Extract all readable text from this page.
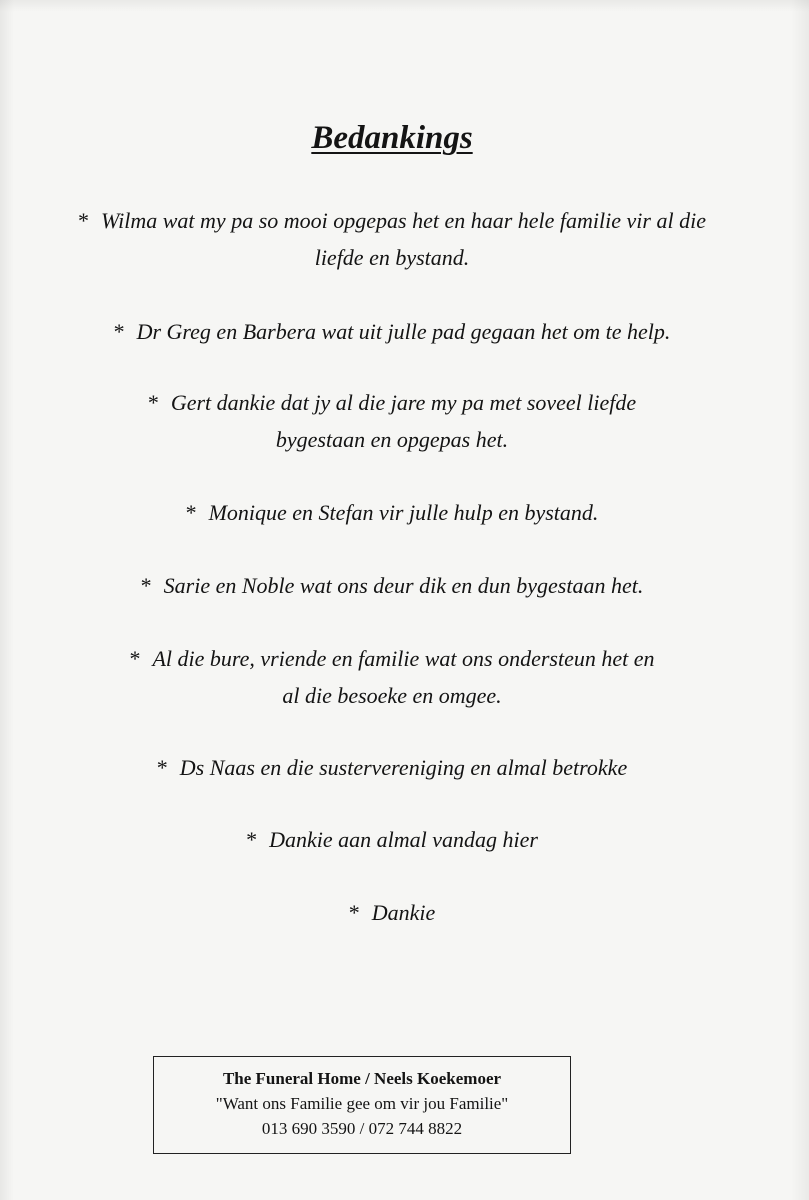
Bedankings
* Wilma wat my pa so mooi opgepas het en haar hele familie vir al die
liefde en bystand.
* Dr Greg en Barbera wat uit julle pad gegaan het om te help.
* Gert dankie dat jy al die jare my pa met soveel liefde
bygestaan en opgepas het.
* Monique en Stefan vir julle hulp en bystand.
* Sarie en Noble wat ons deur dik en dun bygestaan het.
* Al die bure, vriende en familie wat ons ondersteun het en
al die besoeke en omgee.
* Ds Naas en die sustervereniging en almal betrokke
* Dankie aan almal vandag hier
* Dankie
The Funeral Home / Neels Koekemoer
"Want ons Familie gee om vir jou Familie"
013 690 3590 / 072 744 8822
